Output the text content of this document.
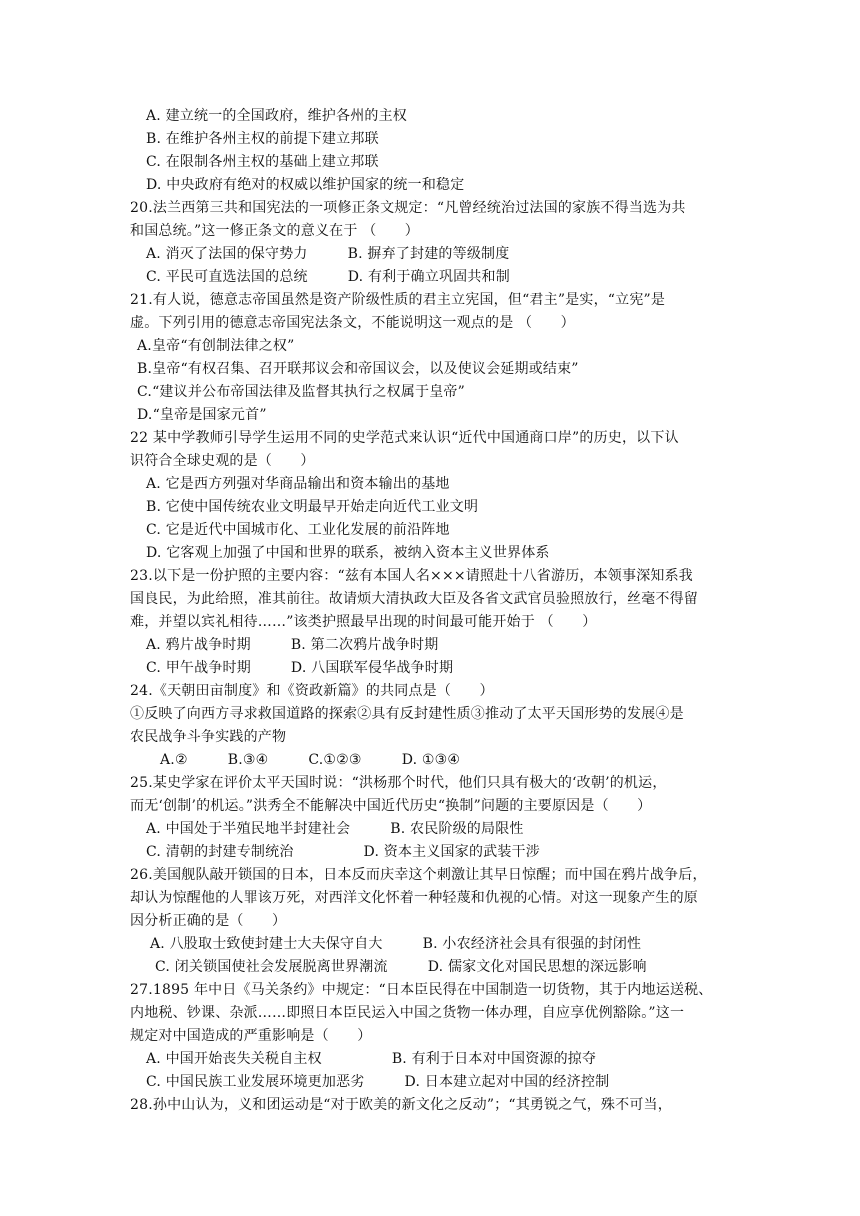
A. 建立统一的全国政府，维护各州的主权
B. 在维护各州主权的前提下建立邦联
C. 在限制各州主权的基础上建立邦联
D. 中央政府有绝对的权威以维护国家的统一和稳定
20.法兰西第三共和国宪法的一项修正条文规定：“凡曾经统治过法国的家族不得当选为共
和国总统。”这一修正条文的意义在于 （　　）
A. 消灭了法国的保守势力	B. 摒弃了封建的等级制度
C. 平民可直选法国的总统	D. 有利于确立巩固共和制
21.有人说，德意志帝国虽然是资产阶级性质的君主立宪国，但“君主”是实，“立宪”是
虚。下列引用的德意志帝国宪法条文，不能说明这一观点的是 （　　）
A.皇帝“有创制法律之权”
B.皇帝“有权召集、召开联邦议会和帝国议会，以及使议会延期或结束”
C.“建议并公布帝国法律及监督其执行之权属于皇帝”
D.“皇帝是国家元首”
22 某中学教师引导学生运用不同的史学范式来认识“近代中国通商口岸”的历史，以下认
识符合全球史观的是（　　）
A. 它是西方列强对华商品输出和资本输出的基地
B. 它使中国传统农业文明最早开始走向近代工业文明
C. 它是近代中国城市化、工业化发展的前沿阵地
D. 它客观上加强了中国和世界的联系，被纳入资本主义世界体系
23.以下是一份护照的主要内容：“兹有本国人名×××请照赴十八省游历，本领事深知系我
国良民，为此给照，准其前往。故请烦大清执政大臣及各省文武官员验照放行，丝毫不得留
难，并望以宾礼相待……”该类护照最早出现的时间最可能开始于 （　　）
A. 鸦片战争时期	B. 第二次鸦片战争时期
C. 甲午战争时期	D. 八国联军侵华战争时期
24.《天朝田亩制度》和《资政新篇》的共同点是（　　）
①反映了向西方寻求救国道路的探索②具有反封建性质③推动了太平天国形势的发展④是
农民战争斗争实践的产物
A.②	B.③④	C.①②③	D. ①③④
25.某史学家在评价太平天国时说：“洪杨那个时代，他们只具有极大的‘改朝’的机运，
而无‘创制’的机运。”洪秀全不能解决中国近代历史“换制”问题的主要原因是（　　）
A. 中国处于半殖民地半封建社会	B. 农民阶级的局限性
C. 清朝的封建专制统治	D. 资本主义国家的武装干涉
26.美国舰队敲开锁国的日本，日本反而庆幸这个刺激让其早日惊醒；而中国在鸦片战争后，
却认为惊醒他的人罪该万死，对西洋文化怀着一种轻蔑和仇视的心情。对这一现象产生的原
因分析正确的是（　　）
A. 八股取士致使封建士大夫保守自大	B. 小农经济社会具有很强的封闭性
C. 闭关锁国使社会发展脱离世界潮流	D. 儒家文化对国民思想的深远影响
27.1895 年中日《马关条约》中规定：“日本臣民得在中国制造一切货物，其于内地运送税、
内地税、钞课、杂派……即照日本臣民运入中国之货物一体办理，自应享优例豁除。”这一
规定对中国造成的严重影响是（　　）
A. 中国开始丧失关税自主权	B. 有利于日本对中国资源的掠夺
C. 中国民族工业发展环境更加恶劣	D. 日本建立起对中国的经济控制
28.孙中山认为，义和团运动是“对于欧美的新文化之反动”；“其勇锐之气，殊不可当，
